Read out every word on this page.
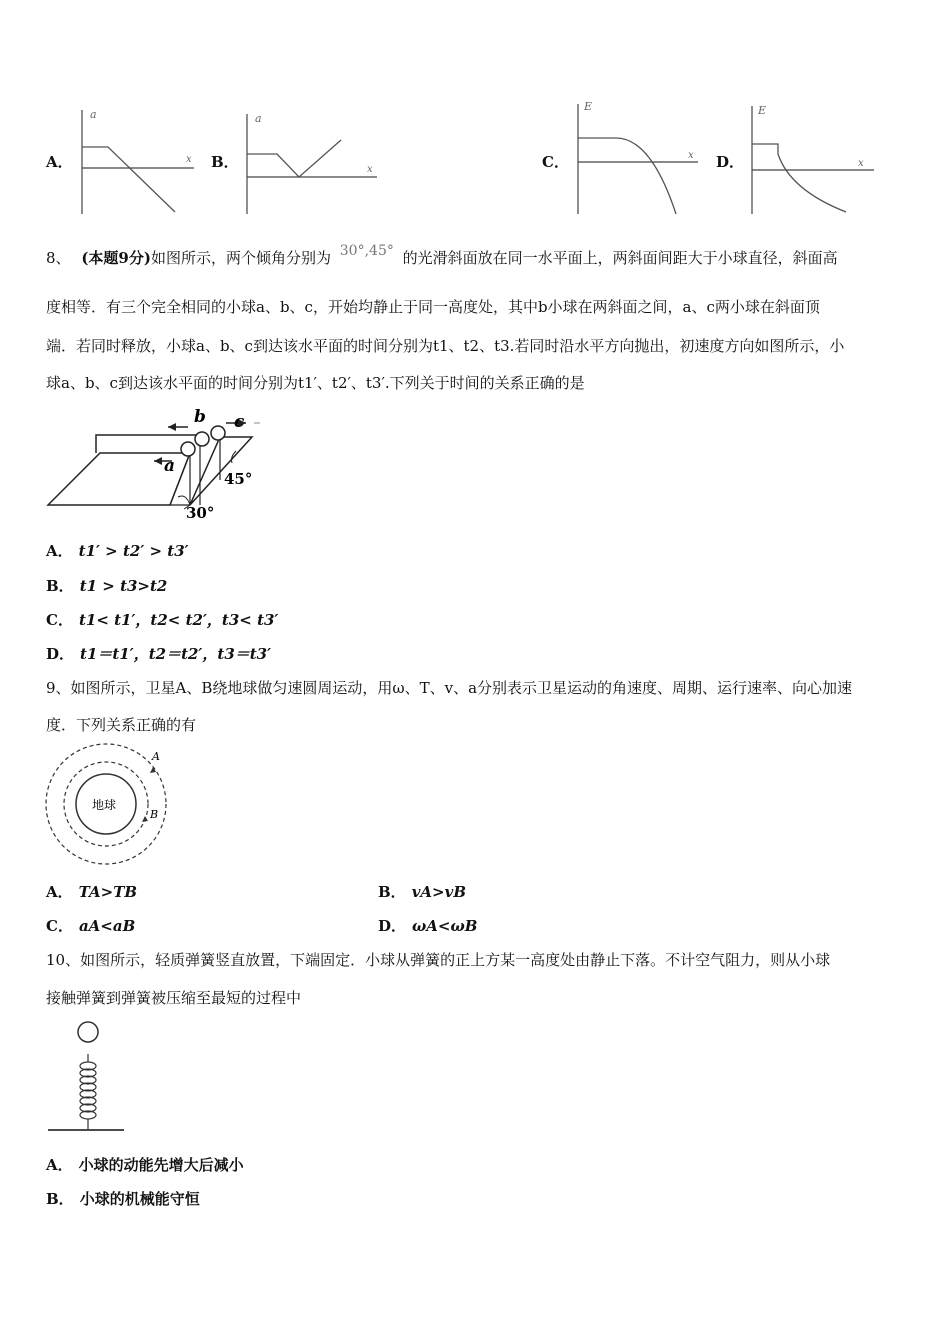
A．
a
x B．
a
x	C．
E
x D．
E
x
8、 (本题9分)如图所示，两个倾角分别为 30°,45° 的光滑斜面放在同一水平面上，两斜面间距大于小球直径，斜面高
度相等．有三个完全相同的小球a、b、c，开始均静止于同一高度处，其中b小球在两斜面之间，a、c两小球在斜面顶
端．若同时释放，小球a、b、c到达该水平面的时间分别为t1、t2、t3.若同时沿水平方向抛出，初速度方向如图所示，小
球a、b、c到达该水平面的时间分别为t1′、t2′、t3′.下列关于时间的关系正确的是
b c
a
30°
45°
A． t1′ > t2′ > t3′
B． t1 > t3>t2
C． t1< t1′，t2< t2′，t3< t3′
D． t1＝t1′，t2＝t2′，t3＝t3′
9、如图所示，卫星A、B绕地球做匀速圆周运动，用ω、T、v、a分别表示卫星运动的角速度、周期、运行速率、向心加速
度．下列关系正确的有
地球
A
B
A． TA>TB	B． vA>vB
C． aA<aB	D． ωA<ωB
10、如图所示，轻质弹簧竖直放置，下端固定．小球从弹簧的正上方某一高度处由静止下落。不计空气阻力，则从小球
接触弹簧到弹簧被压缩至最短的过程中
A． 小球的动能先增大后减小
B． 小球的机械能守恒
